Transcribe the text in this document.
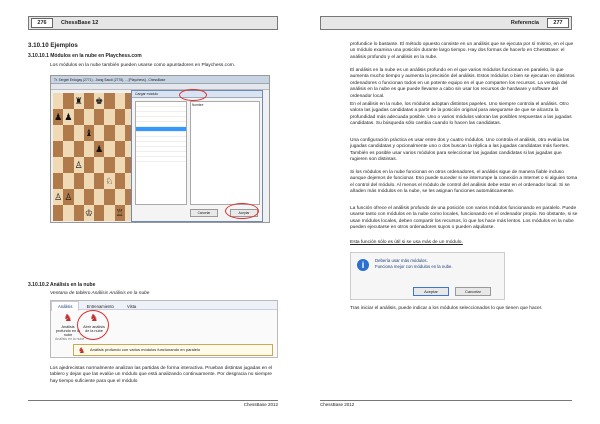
276	ChessBase 12
3.10.10 Ejemplos
3.10.10.1 Módulos en la nube en Playchess.com
Los módulos en la nube también pueden usarse como apuntadores en Playchess.com.
Tr. Sergiei Erdogay (2771) - Jiang Saudi (2775), ... [Playchess] - ChessBase
♜ ♚
♟ ♟
♝
♟
♙
♘
♙ ♙
♔	♖
Cargar módulo
Nombre
Cancelar	Aceptar
3.10.10.2 Análisis en la nube
Ventana de tablero Análisis Análisis en la nube
Análisis	Entrenamiento	Vista
♞
Análisis profundo en la nube
♞
Abrir análisis de la nube
Análisis en la nube
♞ Análisis profundo con varios módulos funcionando en paralelo
Los ajedrecistas normalmente analizan las partidas de forma interactiva. Prueban distintas jugadas en el tablero y dejan que las evalúe un módulo que está analizando continuamente. Por desgracia no siempre hay tiempo suficiente para que el módulo
ChessBase 2012
Referencia	277
profundice lo bastante. El método opuesto consiste en un análisis que se ejecuta por sí mismo, en el que un módulo examina una posición durante largo tiempo. Hay dos formas de hacerlo en ChessBase: el análisis profundo y el análisis en la nube.
El análisis en la nube es un análisis profundo en el que varios módulos funcionan en paralelo, lo que aumenta mucho tiempo y aumenta la precisión del análisis. Estos módulos o bien se ejecutan en distintos ordenadores o funcionan todos en un potente equipo en el que comparten los recursos. La ventaja del análisis en la nube es que puede llevarse a cabo sin usar los recursos de hardware y software del ordenador local.
En el análisis en la nube, los módulos adoptan distintos papeles. Uno siempre controla el análisis. Otro valora las jugadas candidatas a partir de la posición original para asegurarse de que se alcanza la profundidad más adecuada posible. Uno o varios módulos valoran las posibles respuestas a las jugadas candidatas. Su búsqueda sólo cambia cuando lo hacen las candidatas.
Una configuración práctica es usar entre dos y cuatro módulos. Uno controla el análisis, otro evalúa las jugadas candidatas y opcionalmente uno o dos buscan la réplica a las jugadas candidatas más fuertes. También es posible usar varios módulos para seleccionar las jugadas candidatas si las jugadas que rugieren son distintas.
Si los módulos en la nube funcionan en otros ordenadores, el análisis sigue de manera fiable incluso aunque dejemos de funcionar. Eso puede suceder si se interrumpe la conexión a Internet o si alguien toma el control del módulo. Al menos el módulo de control del análisis debe estar en el ordenador local. Si se añaden más módulos en la nube, se les asignan funciones automáticamente.
La función ofrece el análisis profundo de una posición con varios módulos funcionando en paralelo. Puede usarse tanto con módulos en la nube como locales, funcionando en el ordenador propio. No obstante, si se usan módulos locales, deben compartir los recursos, lo que los hace más lentos. Los módulos en la nube pueden ejecutarse en otros ordenadores suyos o pueden alquilarse.
Esta función sólo es útil si se usa más de un módulo.
i	Debería usar más módulos.
Funciona mejor con módulos en la nube.
Aceptar	Cancelar
Tras iniciar el análisis, puede indicar a los módulos seleccionados lo que tienen que hacer.
ChessBase 2012
